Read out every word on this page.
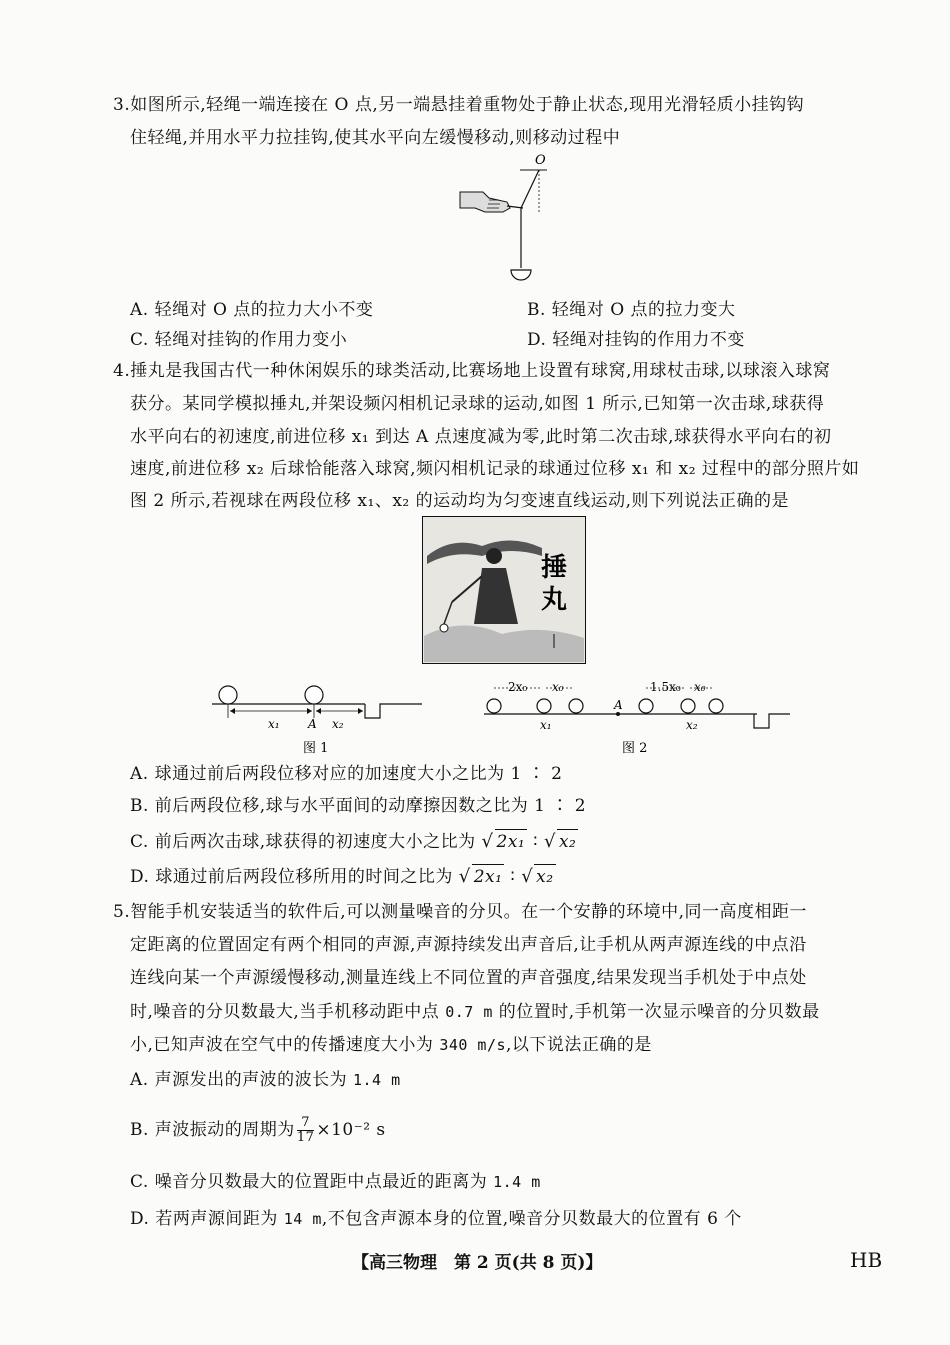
3.如图所示,轻绳一端连接在 O 点,另一端悬挂着重物处于静止状态,现用光滑轻质小挂钩钩
住轻绳,并用水平力拉挂钩,使其水平向左缓慢移动,则移动过程中
O
A. 轻绳对 O 点的拉力大小不变	B. 轻绳对 O 点的拉力变大
C. 轻绳对挂钩的作用力变小	D. 轻绳对挂钩的作用力不变
4.捶丸是我国古代一种休闲娱乐的球类活动,比赛场地上设置有球窝,用球杖击球,以球滚入球窝
获分。某同学模拟捶丸,并架设频闪相机记录球的运动,如图 1 所示,已知第一次击球,球获得
水平向右的初速度,前进位移 x₁ 到达 A 点速度减为零,此时第二次击球,球获得水平向右的初
速度,前进位移 x₂ 后球恰能落入球窝,频闪相机记录的球通过位移 x₁ 和 x₂ 过程中的部分照片如
图 2 所示,若视球在两段位移 x₁、x₂ 的运动均为匀变速直线运动,则下列说法正确的是
捶
丸
x₁ A x₂
图 1
2x₀ x₀	1.5x₀ x₀
x₁
A
x₂
图 2
A. 球通过前后两段位移对应的加速度大小之比为 1 ∶ 2
B. 前后两段位移,球与水平面间的动摩擦因数之比为 1 ∶ 2
C. 前后两次击球,球获得的初速度大小之比为 √ 2x₁ ∶ √ x₂
D. 球通过前后两段位移所用的时间之比为 √ 2x₁ ∶ √ x₂
5.智能手机安装适当的软件后,可以测量噪音的分贝。在一个安静的环境中,同一高度相距一
定距离的位置固定有两个相同的声源,声源持续发出声音后,让手机从两声源连线的中点沿
连线向某一个声源缓慢移动,测量连线上不同位置的声音强度,结果发现当手机处于中点处
时,噪音的分贝数最大,当手机移动距中点 0.7 m 的位置时,手机第一次显示噪音的分贝数最
小,已知声波在空气中的传播速度大小为 340 m/s,以下说法正确的是
A. 声源发出的声波的波长为 1.4 m
B. 声波振动的周期为 $\frac{7}{17} \times 10^{-2}$ s
C. 噪音分贝数最大的位置距中点最近的距离为 1.4 m
D. 若两声源间距为 14 m,不包含声源本身的位置,噪音分贝数最大的位置有 6 个
【高三物理　第 2 页(共 8 页)】	HB
